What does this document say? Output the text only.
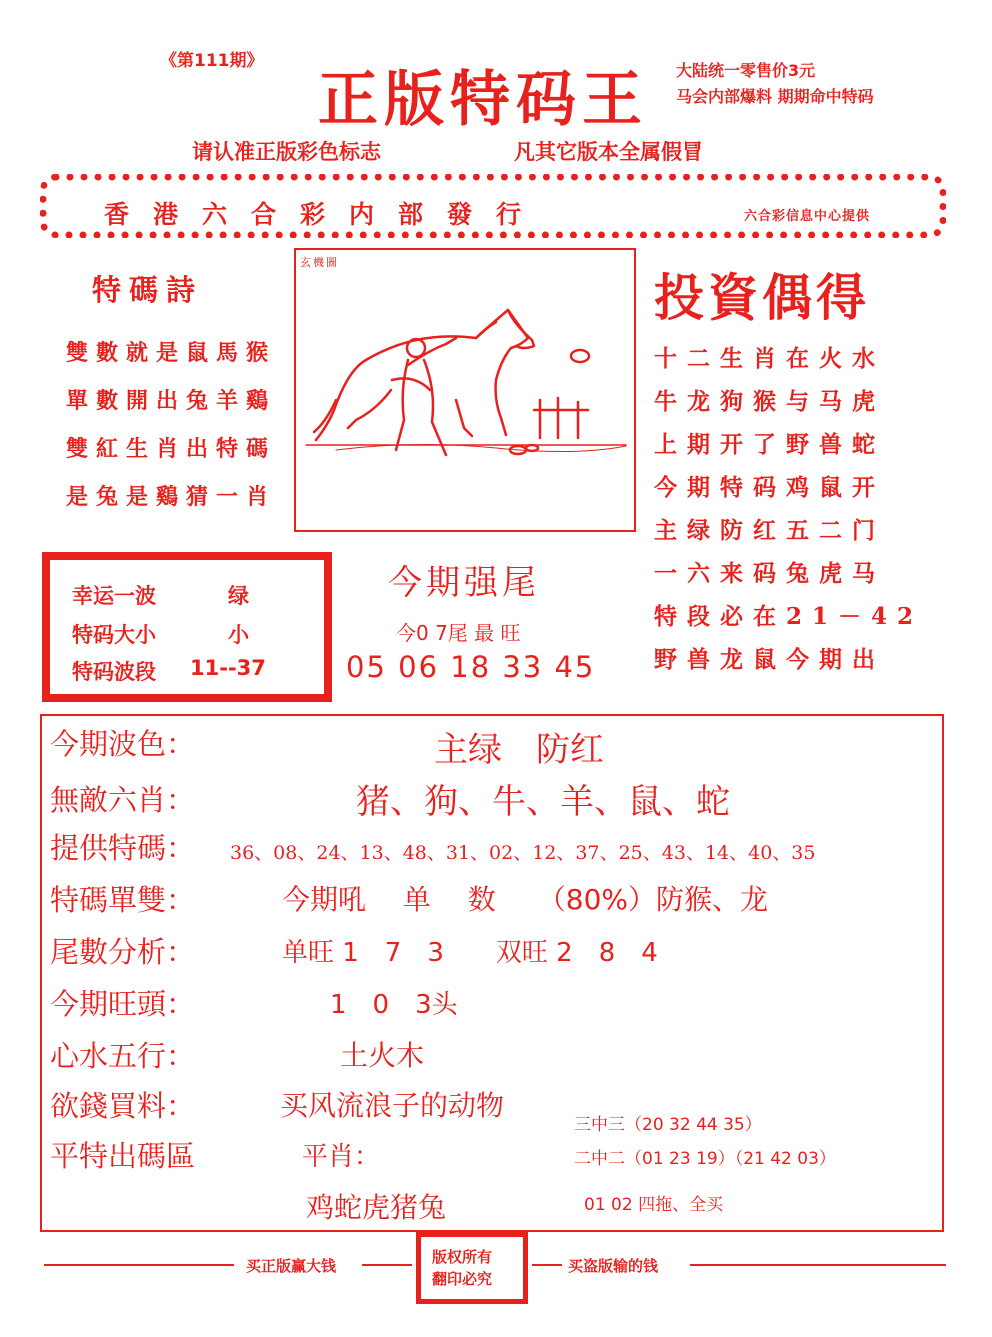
《第111期》
正版特码王 大陆统一零售价3元
马会内部爆料 期期命中特码
请认准正版彩色标志	凡其它版本全属假冒
香港六合彩内部發行	六合彩信息中心提供
特碼詩
雙數就是鼠馬猴
單數開出兔羊鷄
雙紅生肖出特碼
是兔是鷄猜一肖
玄機圖
投資偶得
十二生肖在火水
牛龙狗猴与马虎
上期开了野兽蛇
今期特码鸡鼠开
主绿防红五二门
一六来码兔虎马
特段必在21－42
野兽龙鼠今期出
幸运一波	绿
特码大小	小
特码波段 11--37
今期强尾
今0 7尾 最 旺
05 06 18 33 45
今期波色：	主绿　防红
無敵六肖：	猪、狗、牛、羊、鼠、蛇
提供特碼： 36、08、24、13、48、31、02、12、37、25、43、14、40、35
特碼單雙：	今期吼　 单　 数　　（80%）防猴、龙
尾數分析：	单旺 1　7　3　　双旺 2　8　4
今期旺頭：	1　0　3头
心水五行：	土火木
欲錢買料：	买风流浪子的动物
平特出碼區	平肖：
鸡蛇虎猪兔
三中三（20 32 44 35）
二中二（01 23 19）（21 42 03）
01 02 四拖、全买
买正版赢大钱	买盗版输的钱
版权所有
翻印必究
